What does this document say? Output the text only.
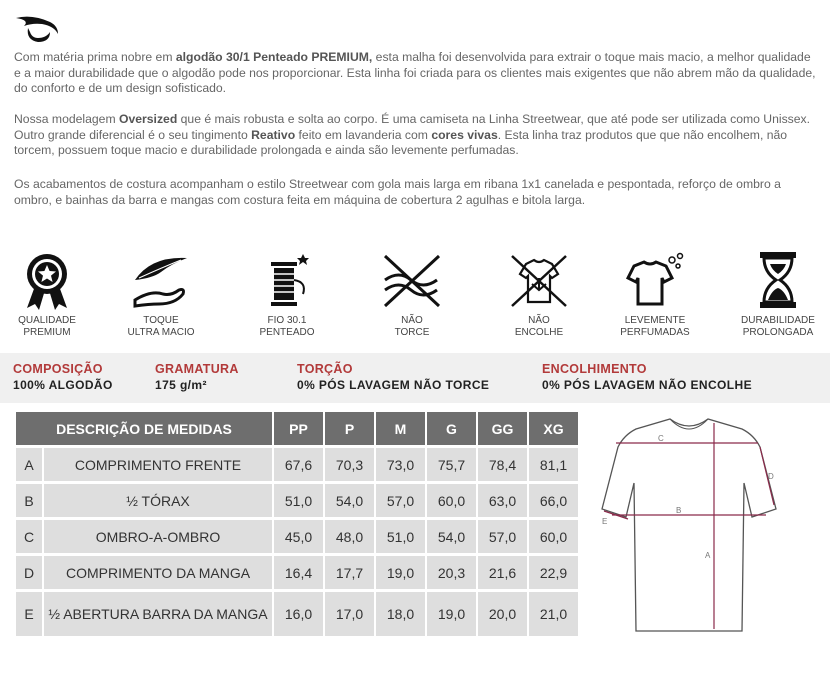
Com matéria prima nobre em algodão 30/1 Penteado PREMIUM, esta malha foi desenvolvida para extrair o toque mais macio, a melhor qualidade e a maior durabilidade que o algodão pode nos proporcionar. Esta linha foi criada para os clientes mais exigentes que não abrem mão da qualidade, do conforto e de um design sofisticado.

Nossa modelagem Oversized que é mais robusta e solta ao corpo. É uma camiseta na Linha Streetwear, que até pode ser utilizada como Unissex. Outro grande diferencial é o seu tingimento Reativo feito em lavanderia com cores vivas. Esta linha traz produtos que que não encolhem, não torcem, possuem toque macio e durabilidade prolongada e ainda são levemente perfumadas.

Os acabamentos de costura acompanham o estilo Streetwear com gola mais larga em ribana 1x1 canelada e pespontada, reforço de ombro a ombro, e bainhas da barra e mangas com costura feita em máquina de cobertura 2 agulhas e bitola larga.

QUALIDADE
PREMIUM
TOQUE
ULTRA MACIO
FIO 30.1
PENTEADO
NÃO
TORCE
NÃO
ENCOLHE
LEVEMENTE
PERFUMADAS
DURABILIDADE
PROLONGADA
COMPOSIÇÃO
100% ALGODÃO
GRAMATURA
175 g/m²
TORÇÃO
0% PÓS LAVAGEM NÃO TORCE
ENCOLHIMENTO
0% PÓS LAVAGEM NÃO ENCOLHE
DESCRIÇÃO DE MEDIDAS		PP	P	M	G	GG	XG
A	COMPRIMENTO FRENTE	67,6	70,3	73,0	75,7	78,4	81,1
B	½ TÓRAX	51,0	54,0	57,0	60,0	63,0	66,0
C	OMBRO-A-OMBRO	45,0	48,0	51,0	54,0	57,0	60,0
D	COMPRIMENTO DA MANGA	16,4	17,7	19,0	20,3	21,6	22,9
E	½ ABERTURA BARRA DA MANGA	16,0	17,0	18,0	19,0	20,0	21,0
C
B
A
D
E
